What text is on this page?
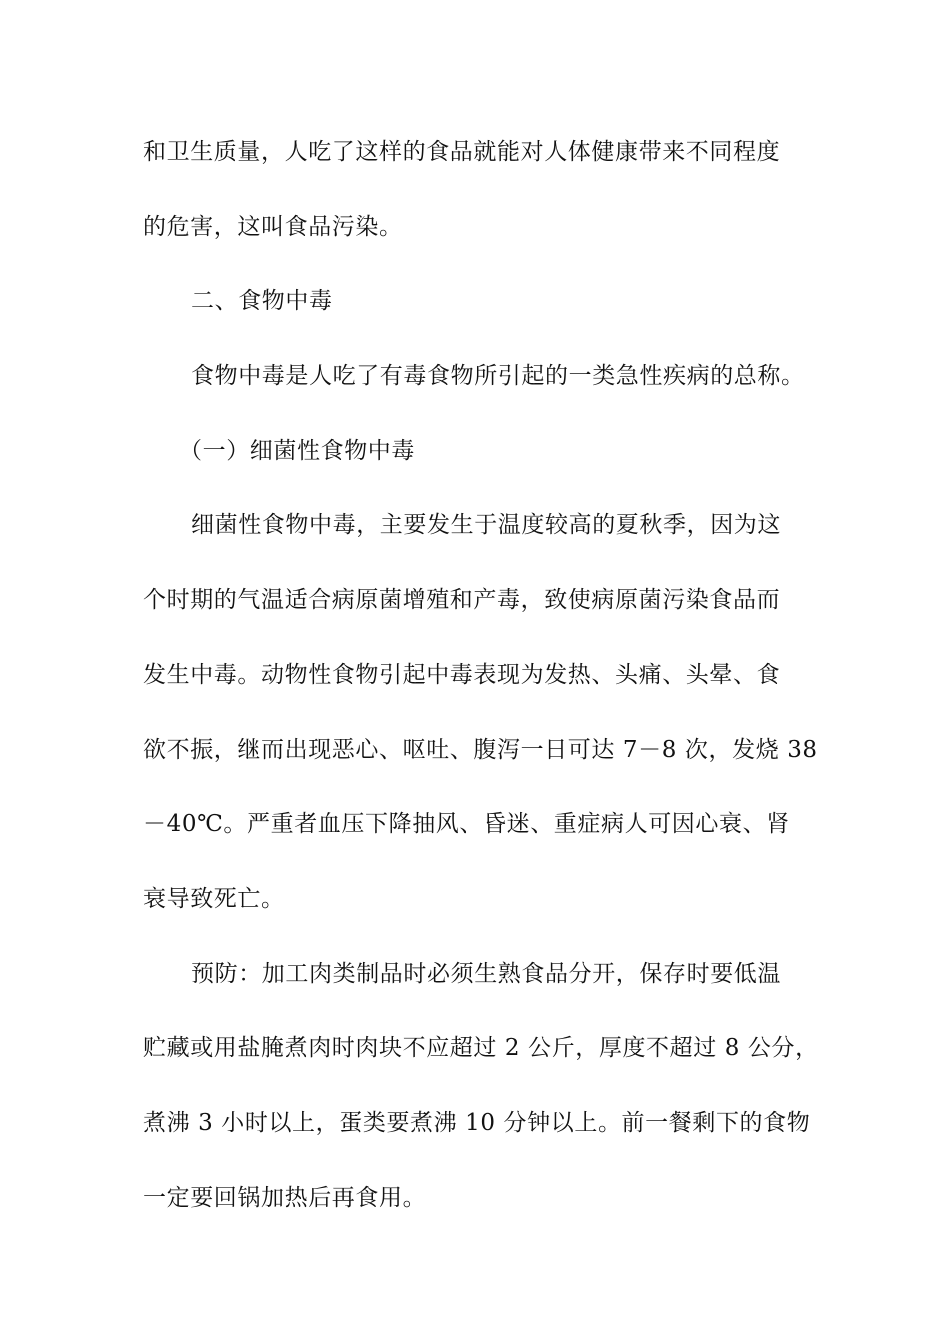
和卫生质量，人吃了这样的食品就能对人体健康带来不同程度
的危害，这叫食品污染。
二、食物中毒
食物中毒是人吃了有毒食物所引起的一类急性疾病的总称。
（一）细菌性食物中毒
细菌性食物中毒，主要发生于温度较高的夏秋季，因为这
个时期的气温适合病原菌增殖和产毒，致使病原菌污染食品而
发生中毒。动物性食物引起中毒表现为发热、头痛、头晕、食
欲不振，继而出现恶心、呕吐、腹泻一日可达 7－8 次，发烧 38
－40℃。严重者血压下降抽风、昏迷、重症病人可因心衰、肾
衰导致死亡。
预防：加工肉类制品时必须生熟食品分开，保存时要低温
贮藏或用盐腌煮肉时肉块不应超过 2 公斤，厚度不超过 8 公分，
煮沸 3 小时以上，蛋类要煮沸 10 分钟以上。前一餐剩下的食物
一定要回锅加热后再食用。
